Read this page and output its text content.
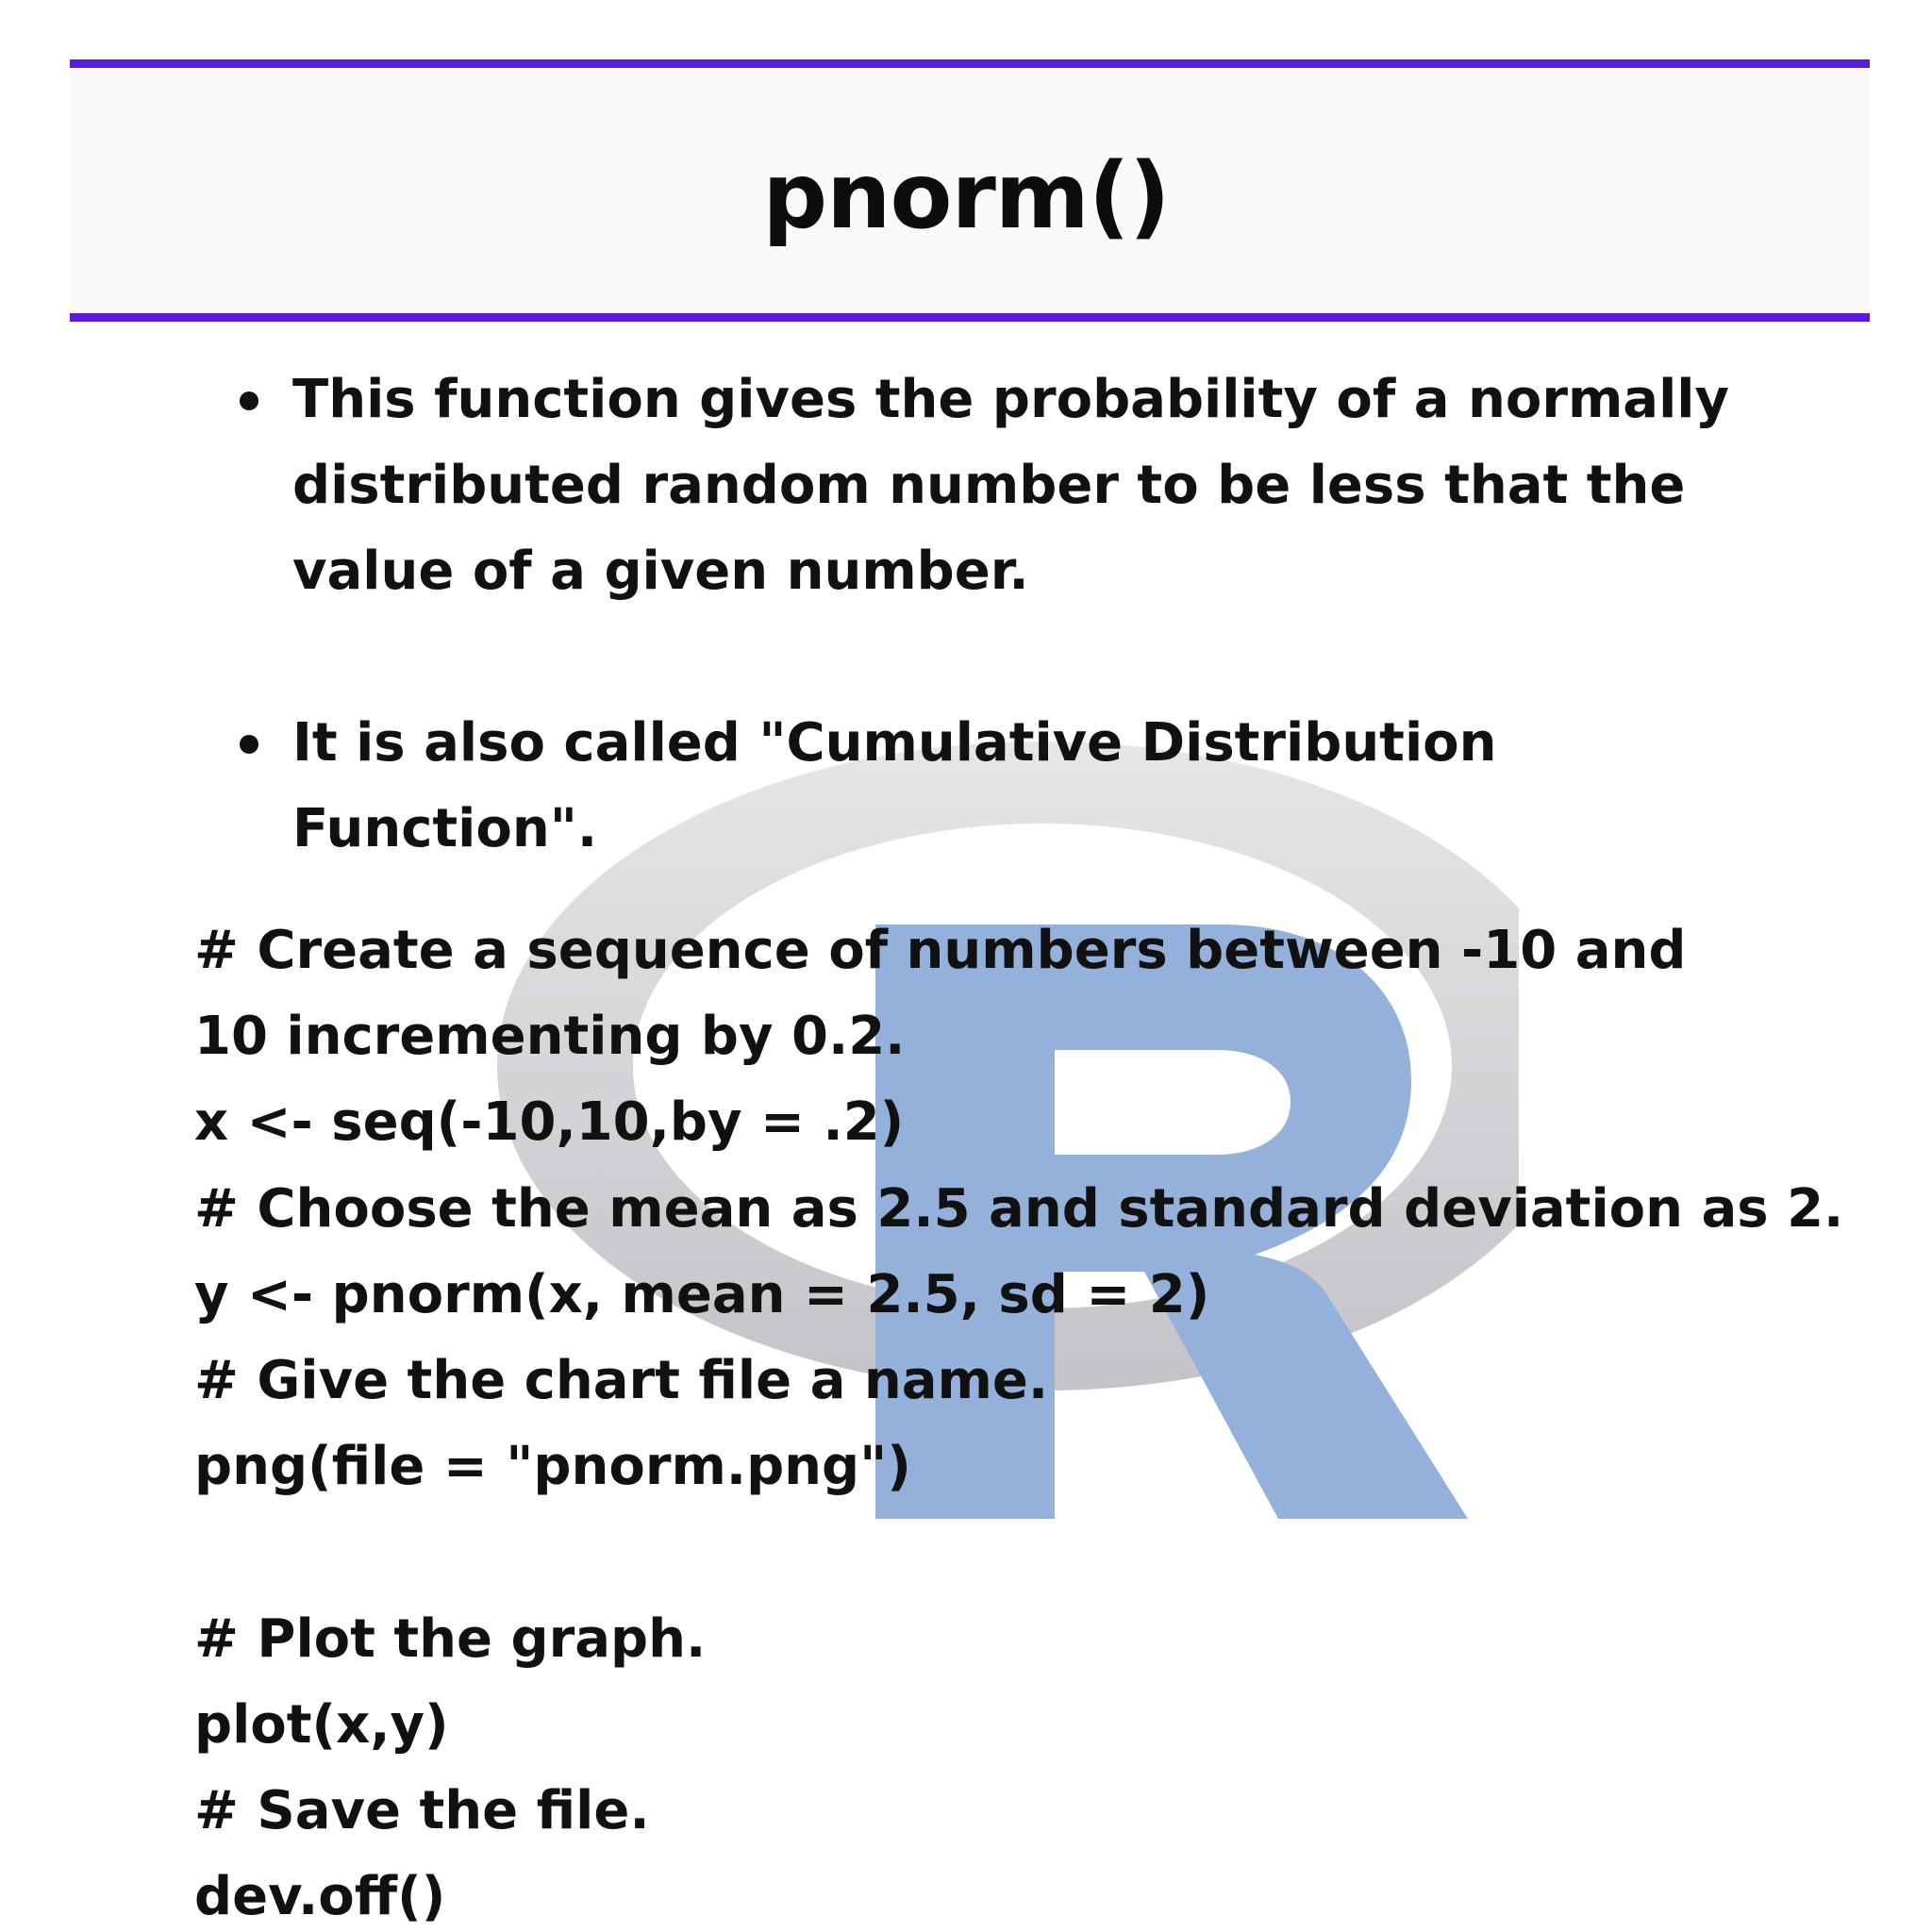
pnorm()
This function gives the probability of a normally distributed random number to be less that the value of a given number.
It is also called "Cumulative Distribution Function".
# Create a sequence of numbers between -10 and 10 incrementing by 0.2.
x <- seq(-10,10,by = .2)
# Choose the mean as 2.5 and standard deviation as 2.
y <- pnorm(x, mean = 2.5, sd = 2)
# Give the chart file a name.
png(file = "pnorm.png")
# Plot the graph.
plot(x,y)
# Save the file.
dev.off()
